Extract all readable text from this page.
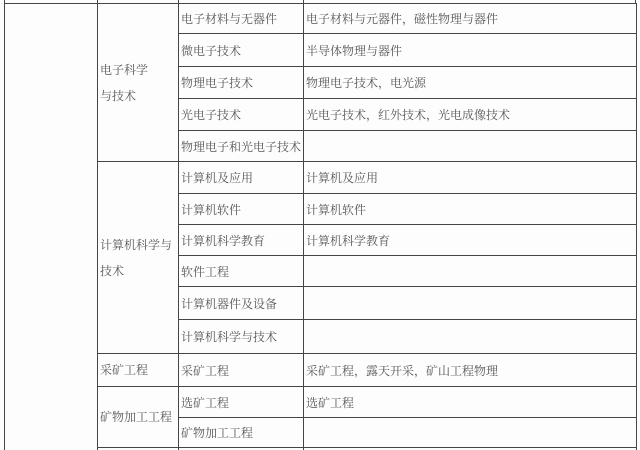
	电子科学
与技术	电子材料与无器件	电子材料与元器件，磁性物理与器件
		微电子技术	半导体物理与器件
		物理电子技术	物理电子技术，电光源
		光电子技术	光电子技术，红外技术，光电成像技术
		物理电子和光电子技术	

	计算机科学与
技术	计算机及应用	计算机及应用
		计算机软件	计算机软件
		计算机科学教育	计算机科学教育
		软件工程	
		计算机器件及设备	
		计算机科学与技术	

	采矿工程	采矿工程	采矿工程，露天开采，矿山工程物理

	矿物加工工程	选矿工程	选矿工程
		矿物加工工程	
